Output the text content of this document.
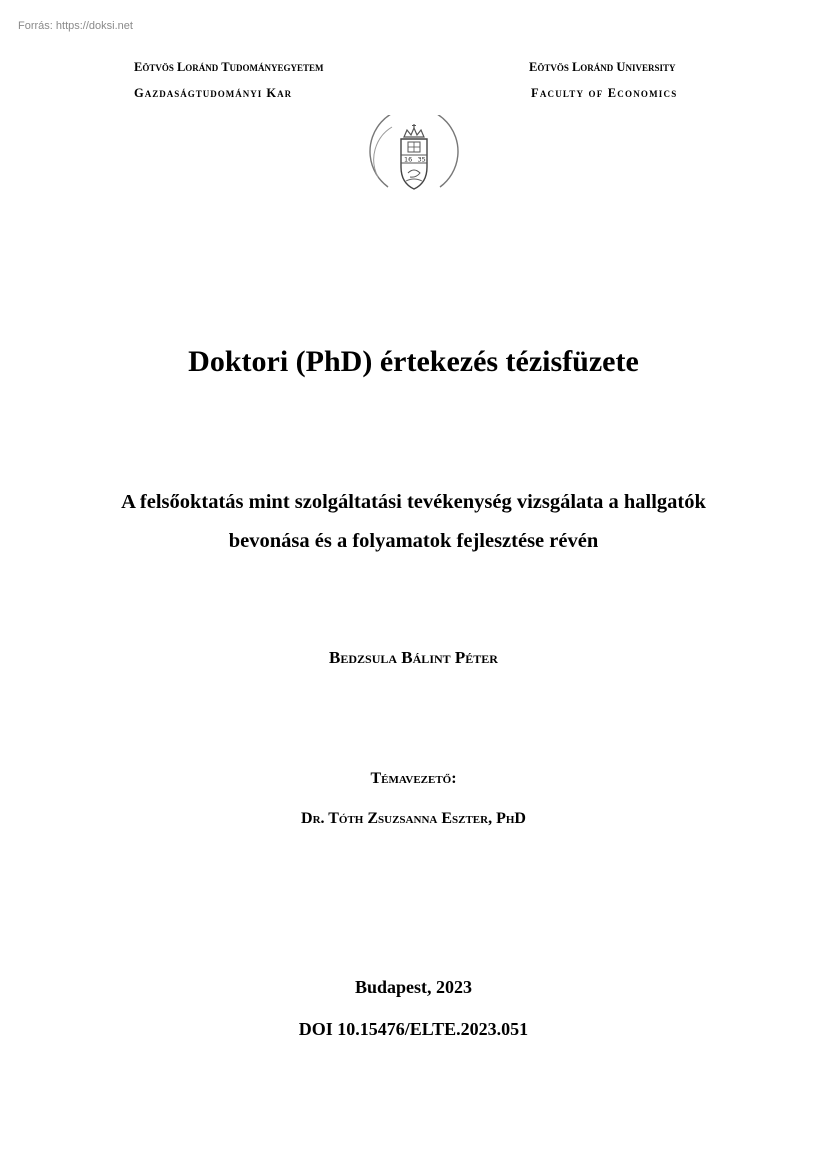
Forrás: https://doksi.net
Eötvös Loránd Tudományegyetem
Gazdaságtudományi Kar
Eötvös Loránd University
Faculty of Economics
16 35
Doktori (PhD) értekezés tézisfüzete
A felsőoktatás mint szolgáltatási tevékenység vizsgálata a hallgatók
bevonása és a folyamatok fejlesztése révén
Bedzsula Bálint Péter
Témavezető:
Dr. Tóth Zsuzsanna Eszter, PhD
Budapest, 2023
DOI 10.15476/ELTE.2023.051
